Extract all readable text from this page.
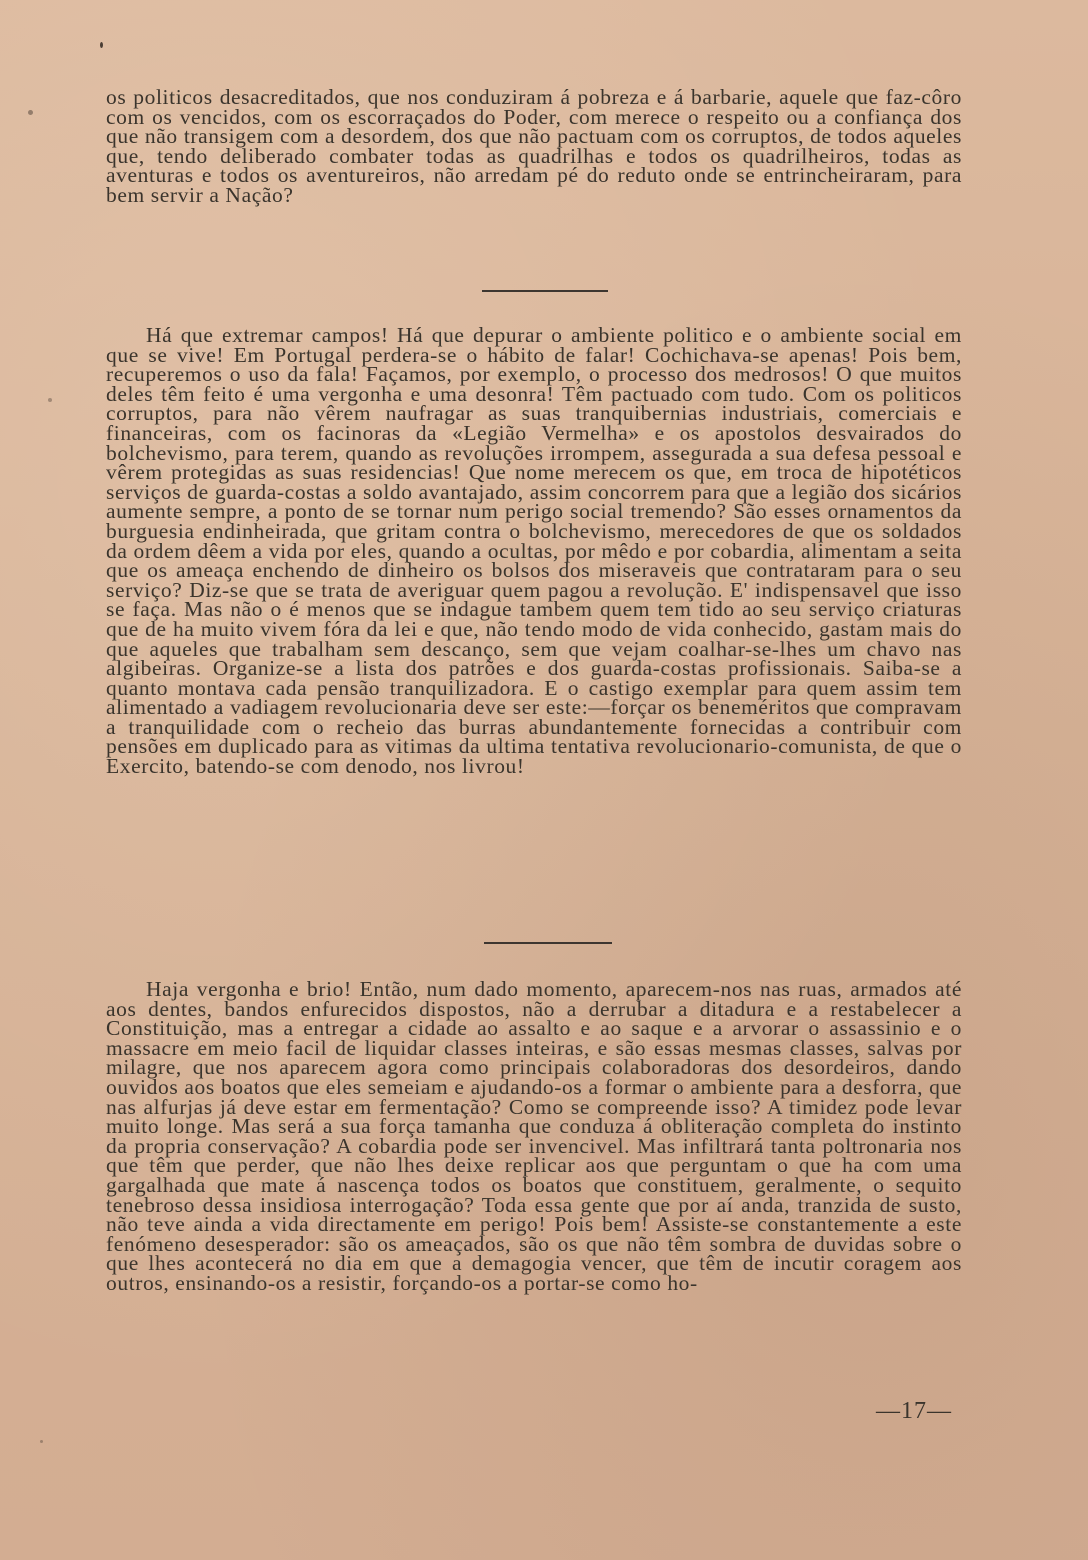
os politicos desacreditados, que nos conduziram á pobreza e á barbarie, aquele que faz-côro com os vencidos, com os escorraçados do Poder, com merece o respeito ou a confiança dos que não transigem com a desordem, dos que não pactuam com os corruptos, de todos aqueles que, tendo deliberado combater todas as quadrilhas e todos os quadrilheiros, todas as aventuras e todos os aventureiros, não arredam pé do reduto onde se entrincheiraram, para bem servir a Nação?

Há que extremar campos! Há que depurar o ambiente politico e o ambiente social em que se vive! Em Portugal perdera-se o hábito de falar! Cochichava-se apenas! Pois bem, recuperemos o uso da fala! Façamos, por exemplo, o processo dos medrosos! O que muitos deles têm feito é uma vergonha e uma desonra! Têm pactuado com tudo. Com os politicos corruptos, para não vêrem naufragar as suas tranquibernias industriais, comerciais e financeiras, com os facinoras da «Legião Vermelha» e os apostolos desvairados do bolchevismo, para terem, quando as revoluções irrompem, assegurada a sua defesa pessoal e vêrem protegidas as suas residencias! Que nome merecem os que, em troca de hipotéticos serviços de guarda-costas a soldo avantajado, assim concorrem para que a legião dos sicários aumente sempre, a ponto de se tornar num perigo social tremendo? São esses ornamentos da burguesia endinheirada, que gritam contra o bolchevismo, merecedores de que os soldados da ordem dêem a vida por eles, quando a ocultas, por mêdo e por cobardia, alimentam a seita que os ameaça enchendo de dinheiro os bolsos dos miseraveis que contrataram para o seu serviço? Diz-se que se trata de averiguar quem pagou a revolução. E' indispensavel que isso se faça. Mas não o é menos que se indague tambem quem tem tido ao seu serviço criaturas que de ha muito vivem fóra da lei e que, não tendo modo de vida conhecido, gastam mais do que aqueles que trabalham sem descanço, sem que vejam coalhar-se-lhes um chavo nas algibeiras. Organize-se a lista dos patrões e dos guarda-costas profissionais. Saiba-se a quanto montava cada pensão tranquilizadora. E o castigo exemplar para quem assim tem alimentado a vadiagem revolucionaria deve ser este:—forçar os beneméritos que compravam a tranquilidade com o recheio das burras abundantemente fornecidas a contribuir com pensões em duplicado para as vitimas da ultima tentativa revolucionario-comunista, de que o Exercito, batendo-se com denodo, nos livrou!

Haja vergonha e brio! Então, num dado momento, aparecem-nos nas ruas, armados até aos dentes, bandos enfurecidos dispostos, não a derrubar a ditadura e a restabelecer a Constituição, mas a entregar a cidade ao assalto e ao saque e a arvorar o assassinio e o massacre em meio facil de liquidar classes inteiras, e são essas mesmas classes, salvas por milagre, que nos aparecem agora como principais colaboradoras dos desordeiros, dando ouvidos aos boatos que eles semeiam e ajudando-os a formar o ambiente para a desforra, que nas alfurjas já deve estar em fermentação? Como se compreende isso? A timidez pode levar muito longe. Mas será a sua força tamanha que conduza á obliteração completa do instinto da propria conservação? A cobardia pode ser invencivel. Mas infiltrará tanta poltronaria nos que têm que perder, que não lhes deixe replicar aos que perguntam o que ha com uma gargalhada que mate á nascença todos os boatos que constituem, geralmente, o sequito tenebroso dessa insidiosa interrogação? Toda essa gente que por aí anda, tranzida de susto, não teve ainda a vida directamente em perigo! Pois bem! Assiste-se constantemente a este fenómeno desesperador: são os ameaçados, são os que não têm sombra de duvidas sobre o que lhes acontecerá no dia em que a demagogia vencer, que têm de incutir coragem aos outros, ensinando-os a resistir, forçando-os a portar-se como ho-

—17—
